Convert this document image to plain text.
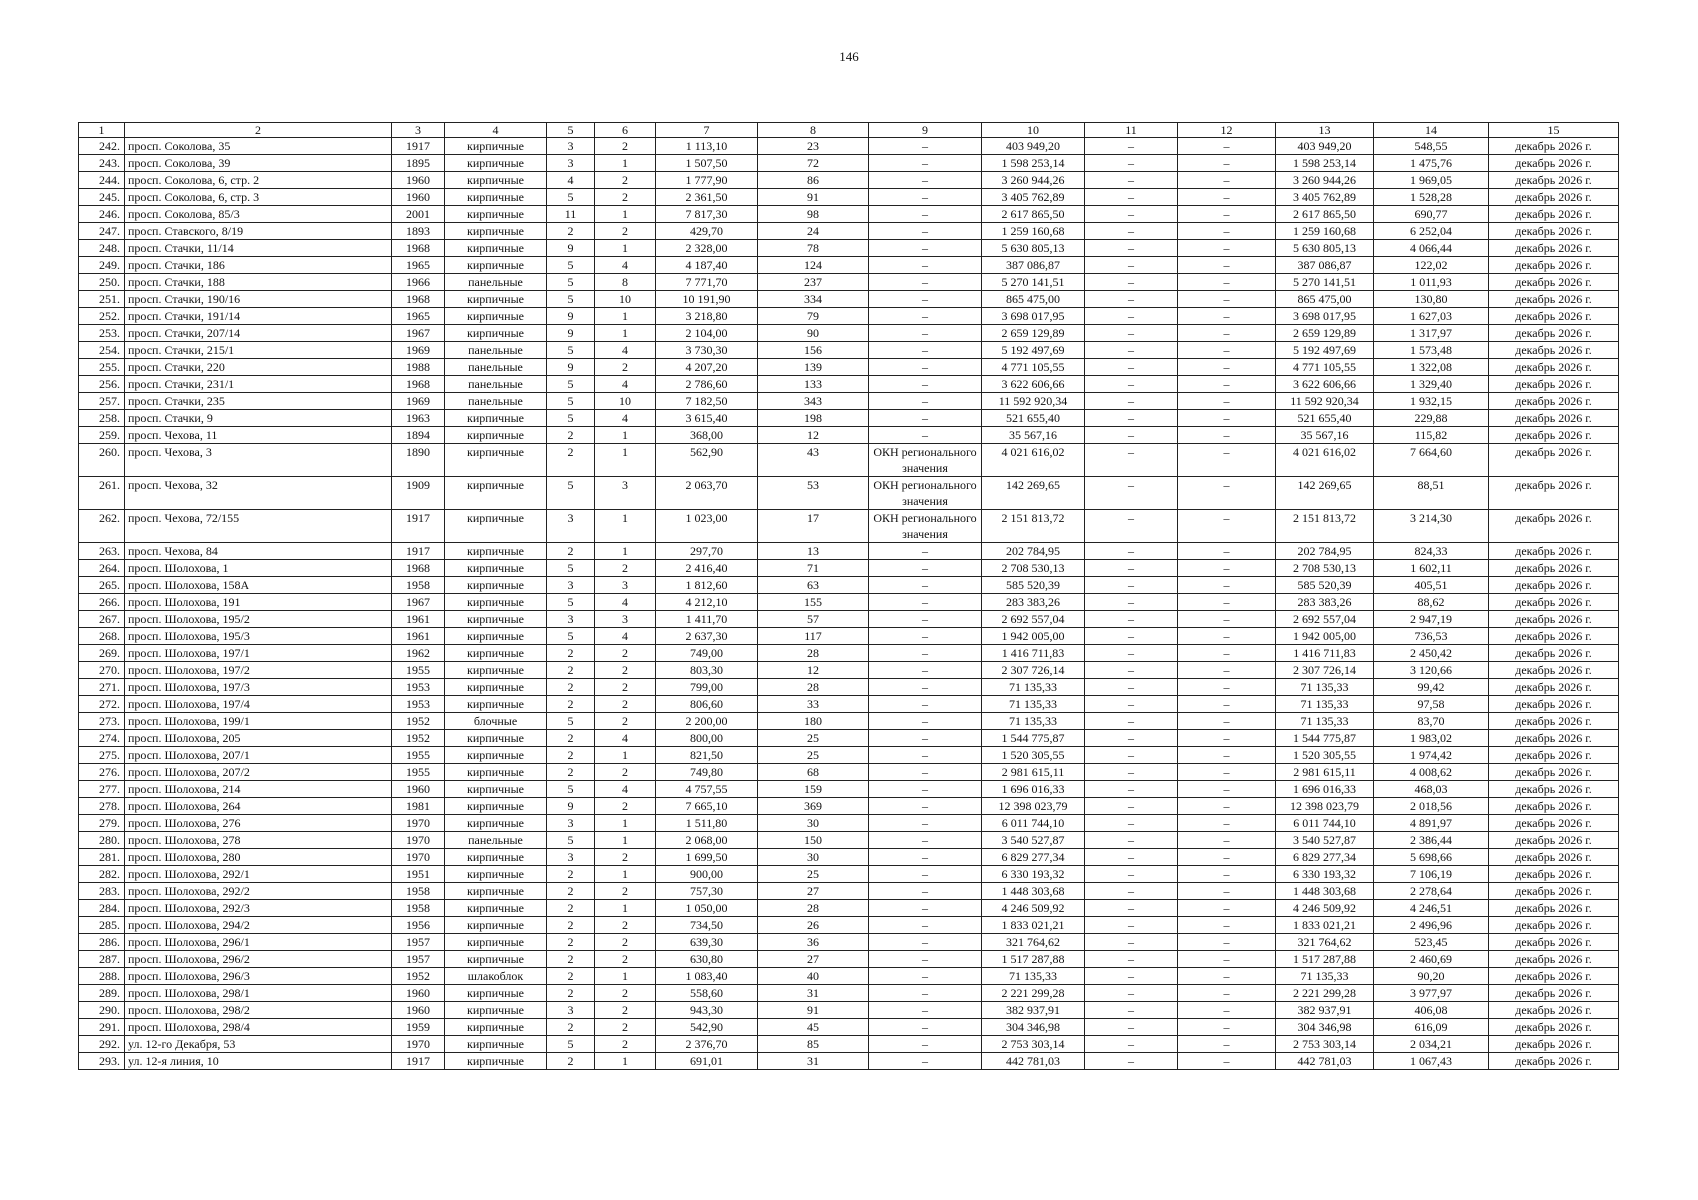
146
1	2	3	4	5	6	7	8	9	10	11	12	13	14	15
242.	просп. Соколова, 35	1917	кирпичные	3	2	1 113,10	23	–	403 949,20	–	–	403 949,20	548,55	декабрь 2026 г.
243.	просп. Соколова, 39	1895	кирпичные	3	1	1 507,50	72	–	1 598 253,14	–	–	1 598 253,14	1 475,76	декабрь 2026 г.
244.	просп. Соколова, 6, стр. 2	1960	кирпичные	4	2	1 777,90	86	–	3 260 944,26	–	–	3 260 944,26	1 969,05	декабрь 2026 г.
245.	просп. Соколова, 6, стр. 3	1960	кирпичные	5	2	2 361,50	91	–	3 405 762,89	–	–	3 405 762,89	1 528,28	декабрь 2026 г.
246.	просп. Соколова, 85/3	2001	кирпичные	11	1	7 817,30	98	–	2 617 865,50	–	–	2 617 865,50	690,77	декабрь 2026 г.
247.	просп. Ставского, 8/19	1893	кирпичные	2	2	429,70	24	–	1 259 160,68	–	–	1 259 160,68	6 252,04	декабрь 2026 г.
248.	просп. Стачки, 11/14	1968	кирпичные	9	1	2 328,00	78	–	5 630 805,13	–	–	5 630 805,13	4 066,44	декабрь 2026 г.
249.	просп. Стачки, 186	1965	кирпичные	5	4	4 187,40	124	–	387 086,87	–	–	387 086,87	122,02	декабрь 2026 г.
250.	просп. Стачки, 188	1966	панельные	5	8	7 771,70	237	–	5 270 141,51	–	–	5 270 141,51	1 011,93	декабрь 2026 г.
251.	просп. Стачки, 190/16	1968	кирпичные	5	10	10 191,90	334	–	865 475,00	–	–	865 475,00	130,80	декабрь 2026 г.
252.	просп. Стачки, 191/14	1965	кирпичные	9	1	3 218,80	79	–	3 698 017,95	–	–	3 698 017,95	1 627,03	декабрь 2026 г.
253.	просп. Стачки, 207/14	1967	кирпичные	9	1	2 104,00	90	–	2 659 129,89	–	–	2 659 129,89	1 317,97	декабрь 2026 г.
254.	просп. Стачки, 215/1	1969	панельные	5	4	3 730,30	156	–	5 192 497,69	–	–	5 192 497,69	1 573,48	декабрь 2026 г.
255.	просп. Стачки, 220	1988	панельные	9	2	4 207,20	139	–	4 771 105,55	–	–	4 771 105,55	1 322,08	декабрь 2026 г.
256.	просп. Стачки, 231/1	1968	панельные	5	4	2 786,60	133	–	3 622 606,66	–	–	3 622 606,66	1 329,40	декабрь 2026 г.
257.	просп. Стачки, 235	1969	панельные	5	10	7 182,50	343	–	11 592 920,34	–	–	11 592 920,34	1 932,15	декабрь 2026 г.
258.	просп. Стачки, 9	1963	кирпичные	5	4	3 615,40	198	–	521 655,40	–	–	521 655,40	229,88	декабрь 2026 г.
259.	просп. Чехова, 11	1894	кирпичные	2	1	368,00	12	–	35 567,16	–	–	35 567,16	115,82	декабрь 2026 г.
260.	просп. Чехова, 3	1890	кирпичные	2	1	562,90	43	ОКН регионального значения	4 021 616,02	–	–	4 021 616,02	7 664,60	декабрь 2026 г.
261.	просп. Чехова, 32	1909	кирпичные	5	3	2 063,70	53	ОКН регионального значения	142 269,65	–	–	142 269,65	88,51	декабрь 2026 г.
262.	просп. Чехова, 72/155	1917	кирпичные	3	1	1 023,00	17	ОКН регионального значения	2 151 813,72	–	–	2 151 813,72	3 214,30	декабрь 2026 г.
263.	просп. Чехова, 84	1917	кирпичные	2	1	297,70	13	–	202 784,95	–	–	202 784,95	824,33	декабрь 2026 г.
264.	просп. Шолохова, 1	1968	кирпичные	5	2	2 416,40	71	–	2 708 530,13	–	–	2 708 530,13	1 602,11	декабрь 2026 г.
265.	просп. Шолохова, 158А	1958	кирпичные	3	3	1 812,60	63	–	585 520,39	–	–	585 520,39	405,51	декабрь 2026 г.
266.	просп. Шолохова, 191	1967	кирпичные	5	4	4 212,10	155	–	283 383,26	–	–	283 383,26	88,62	декабрь 2026 г.
267.	просп. Шолохова, 195/2	1961	кирпичные	3	3	1 411,70	57	–	2 692 557,04	–	–	2 692 557,04	2 947,19	декабрь 2026 г.
268.	просп. Шолохова, 195/3	1961	кирпичные	5	4	2 637,30	117	–	1 942 005,00	–	–	1 942 005,00	736,53	декабрь 2026 г.
269.	просп. Шолохова, 197/1	1962	кирпичные	2	2	749,00	28	–	1 416 711,83	–	–	1 416 711,83	2 450,42	декабрь 2026 г.
270.	просп. Шолохова, 197/2	1955	кирпичные	2	2	803,30	12	–	2 307 726,14	–	–	2 307 726,14	3 120,66	декабрь 2026 г.
271.	просп. Шолохова, 197/3	1953	кирпичные	2	2	799,00	28	–	71 135,33	–	–	71 135,33	99,42	декабрь 2026 г.
272.	просп. Шолохова, 197/4	1953	кирпичные	2	2	806,60	33	–	71 135,33	–	–	71 135,33	97,58	декабрь 2026 г.
273.	просп. Шолохова, 199/1	1952	блочные	5	2	2 200,00	180	–	71 135,33	–	–	71 135,33	83,70	декабрь 2026 г.
274.	просп. Шолохова, 205	1952	кирпичные	2	4	800,00	25	–	1 544 775,87	–	–	1 544 775,87	1 983,02	декабрь 2026 г.
275.	просп. Шолохова, 207/1	1955	кирпичные	2	1	821,50	25	–	1 520 305,55	–	–	1 520 305,55	1 974,42	декабрь 2026 г.
276.	просп. Шолохова, 207/2	1955	кирпичные	2	2	749,80	68	–	2 981 615,11	–	–	2 981 615,11	4 008,62	декабрь 2026 г.
277.	просп. Шолохова, 214	1960	кирпичные	5	4	4 757,55	159	–	1 696 016,33	–	–	1 696 016,33	468,03	декабрь 2026 г.
278.	просп. Шолохова, 264	1981	кирпичные	9	2	7 665,10	369	–	12 398 023,79	–	–	12 398 023,79	2 018,56	декабрь 2026 г.
279.	просп. Шолохова, 276	1970	кирпичные	3	1	1 511,80	30	–	6 011 744,10	–	–	6 011 744,10	4 891,97	декабрь 2026 г.
280.	просп. Шолохова, 278	1970	панельные	5	1	2 068,00	150	–	3 540 527,87	–	–	3 540 527,87	2 386,44	декабрь 2026 г.
281.	просп. Шолохова, 280	1970	кирпичные	3	2	1 699,50	30	–	6 829 277,34	–	–	6 829 277,34	5 698,66	декабрь 2026 г.
282.	просп. Шолохова, 292/1	1951	кирпичные	2	1	900,00	25	–	6 330 193,32	–	–	6 330 193,32	7 106,19	декабрь 2026 г.
283.	просп. Шолохова, 292/2	1958	кирпичные	2	2	757,30	27	–	1 448 303,68	–	–	1 448 303,68	2 278,64	декабрь 2026 г.
284.	просп. Шолохова, 292/3	1958	кирпичные	2	1	1 050,00	28	–	4 246 509,92	–	–	4 246 509,92	4 246,51	декабрь 2026 г.
285.	просп. Шолохова, 294/2	1956	кирпичные	2	2	734,50	26	–	1 833 021,21	–	–	1 833 021,21	2 496,96	декабрь 2026 г.
286.	просп. Шолохова, 296/1	1957	кирпичные	2	2	639,30	36	–	321 764,62	–	–	321 764,62	523,45	декабрь 2026 г.
287.	просп. Шолохова, 296/2	1957	кирпичные	2	2	630,80	27	–	1 517 287,88	–	–	1 517 287,88	2 460,69	декабрь 2026 г.
288.	просп. Шолохова, 296/3	1952	шлакоблок	2	1	1 083,40	40	–	71 135,33	–	–	71 135,33	90,20	декабрь 2026 г.
289.	просп. Шолохова, 298/1	1960	кирпичные	2	2	558,60	31	–	2 221 299,28	–	–	2 221 299,28	3 977,97	декабрь 2026 г.
290.	просп. Шолохова, 298/2	1960	кирпичные	3	2	943,30	91	–	382 937,91	–	–	382 937,91	406,08	декабрь 2026 г.
291.	просп. Шолохова, 298/4	1959	кирпичные	2	2	542,90	45	–	304 346,98	–	–	304 346,98	616,09	декабрь 2026 г.
292.	ул. 12-го Декабря, 53	1970	кирпичные	5	2	2 376,70	85	–	2 753 303,14	–	–	2 753 303,14	2 034,21	декабрь 2026 г.
293.	ул. 12-я линия, 10	1917	кирпичные	2	1	691,01	31	–	442 781,03	–	–	442 781,03	1 067,43	декабрь 2026 г.
